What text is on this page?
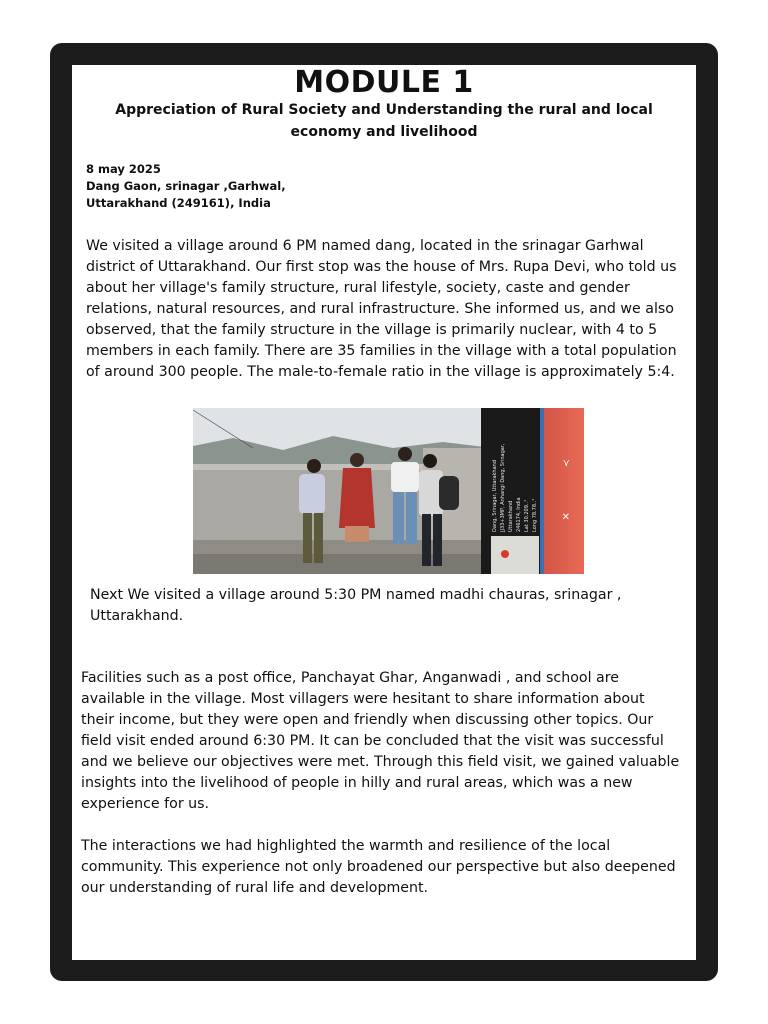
MODULE 1
Appreciation of Rural Society and Understanding the rural and local economy and livelihood
8 may 2025
Dang Gaon, srinagar ,Garhwal,
Uttarakhand (249161), India
We visited a village around 6 PM named dang, located in the srinagar Garhwal district of Uttarakhand. Our first stop was the house of Mrs. Rupa Devi, who told us about her village's family structure, rural lifestyle, society, caste and gender relations, natural resources, and rural infrastructure. She informed us, and we also observed, that the family structure in the village is primarily nuclear, with 4 to 5 members in each family. There are 35 families in the village with a total population of around 300 people. The male-to-female ratio in the village is approximately 5:4.
Dang, Srinagar, Uttarakhand JJ33+3MP, Anhangi Dang, Srinagar, Uttarakhand 246174, India Lat 30.209..° Long 78.78..°
⋎
✕
Next We visited a village around 5:30 PM named madhi chauras, srinagar , Uttarakhand.
Facilities such as a post office, Panchayat Ghar, Anganwadi , and school are available in the village. Most villagers were hesitant to share information about their income, but they were open and friendly when discussing other topics. Our field visit ended around 6:30 PM. It can be concluded that the visit was successful and we believe our objectives were met. Through this field visit, we gained valuable insights into the livelihood of people in hilly and rural areas, which was a new experience for us.
The interactions we had highlighted the warmth and resilience of the local community. This experience not only broadened our perspective but also deepened our understanding of rural life and development.
